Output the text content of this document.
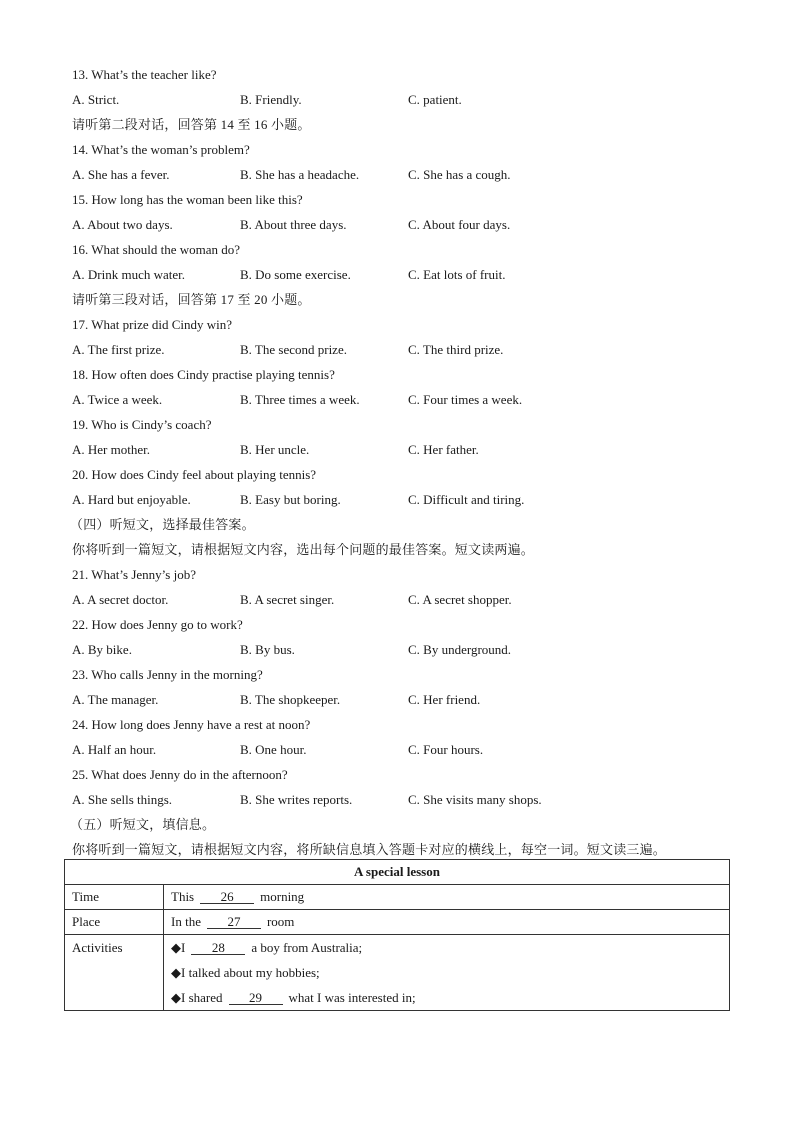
13. What’s the teacher like?
A. Strict.	B. Friendly.	C. patient.
请听第二段对话，回答第 14 至 16 小题。
14. What’s the woman’s problem?
A. She has a fever.	B. She has a headache.	C. She has a cough.
15. How long has the woman been like this?
A. About two days.	B. About three days.	C. About four days.
16. What should the woman do?
A. Drink much water.	B. Do some exercise.	C. Eat lots of fruit.
请听第三段对话，回答第 17 至 20 小题。
17. What prize did Cindy win?
A. The first prize.	B. The second prize.	C. The third prize.
18. How often does Cindy practise playing tennis?
A. Twice a week.	B. Three times a week.	C. Four times a week.
19. Who is Cindy’s coach?
A. Her mother.	B. Her uncle.	C. Her father.
20. How does Cindy feel about playing tennis?
A. Hard but enjoyable.	B. Easy but boring.	C. Difficult and tiring.
（四）听短文，选择最佳答案。
你将听到一篇短文，请根据短文内容，选出每个问题的最佳答案。短文读两遍。
21. What’s Jenny’s job?
A. A secret doctor.	B. A secret singer.	C. A secret shopper.
22. How does Jenny go to work?
A. By bike.	B. By bus.	C. By underground.
23. Who calls Jenny in the morning?
A. The manager.	B. The shopkeeper.	C. Her friend.
24. How long does Jenny have a rest at noon?
A. Half an hour.	B. One hour.	C. Four hours.
25. What does Jenny do in the afternoon?
A. She sells things.	B. She writes reports.	C. She visits many shops.
（五）听短文，填信息。
你将听到一篇短文，请根据短文内容，将所缺信息填入答题卡对应的横线上，每空一词。短文读三遍。
A special lesson	
Time	This 26 morning
Place	In the 27 room

Activities	◆I 28 a boy from Australia;
◆I talked about my hobbies;
◆I shared 29 what I was interested in;
